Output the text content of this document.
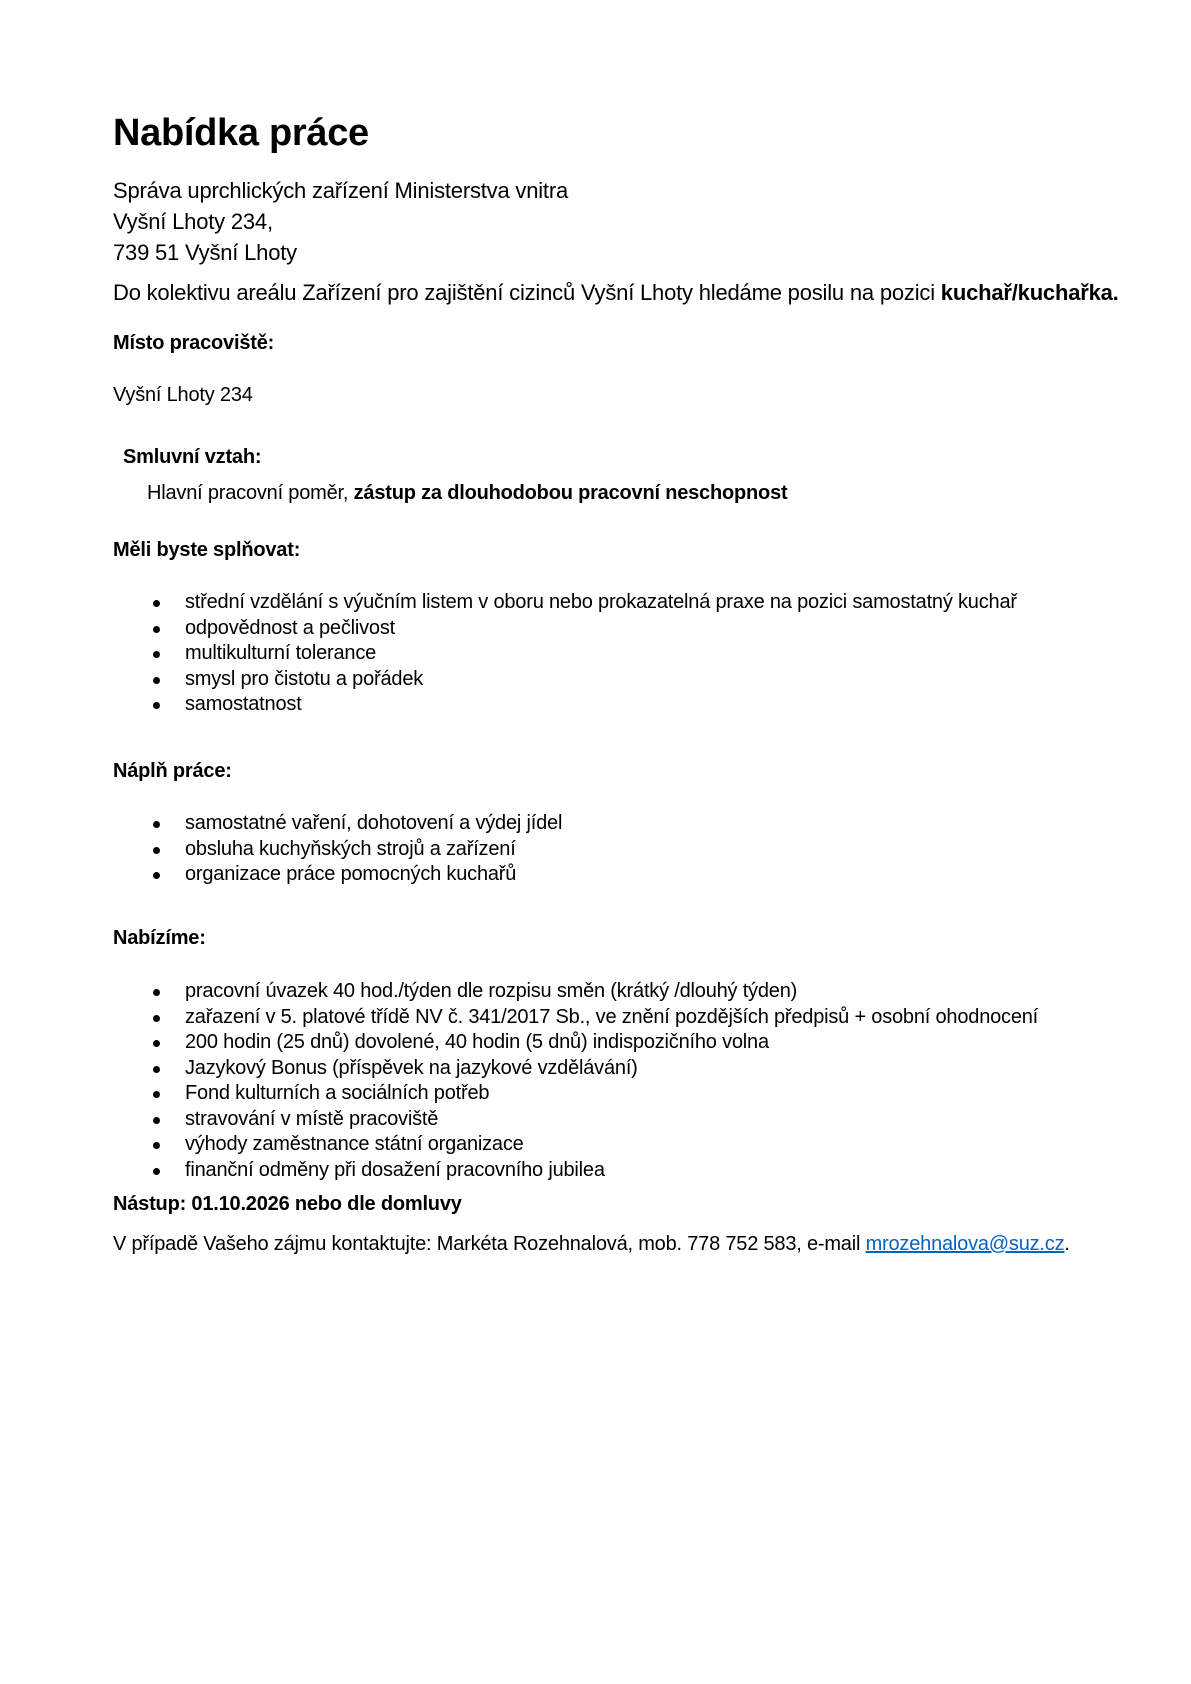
Nabídka práce
Správa uprchlických zařízení Ministerstva vnitra
Vyšní Lhoty 234,
739 51 Vyšní Lhoty
Do kolektivu areálu Zařízení pro zajištění cizinců Vyšní Lhoty hledáme posilu na pozici kuchař/kuchařka.
Místo pracoviště:
Vyšní Lhoty 234
Smluvní vztah:
Hlavní pracovní poměr, zástup za dlouhodobou pracovní neschopnost
Měli byste splňovat:
střední vzdělání s výučním listem v oboru nebo prokazatelná praxe na pozici samostatný kuchař
odpovědnost a pečlivost
multikulturní tolerance
smysl pro čistotu a pořádek
samostatnost
Náplň práce:
samostatné vaření, dohotovení a výdej jídel
obsluha kuchyňských strojů a zařízení
organizace práce pomocných kuchařů
Nabízíme:
pracovní úvazek 40 hod./týden dle rozpisu směn (krátký /dlouhý týden)
zařazení v 5. platové třídě NV č. 341/2017 Sb., ve znění pozdějších předpisů + osobní ohodnocení
200 hodin (25 dnů) dovolené, 40 hodin (5 dnů) indispozičního volna
Jazykový Bonus (příspěvek na jazykové vzdělávání)
Fond kulturních a sociálních potřeb
stravování v místě pracoviště
výhody zaměstnance státní organizace
finanční odměny při dosažení pracovního jubilea
Nástup: 01.10.2026 nebo dle domluvy
V případě Vašeho zájmu kontaktujte: Markéta Rozehnalová, mob. 778 752 583, e-mail mrozehnalova@suz.cz.
